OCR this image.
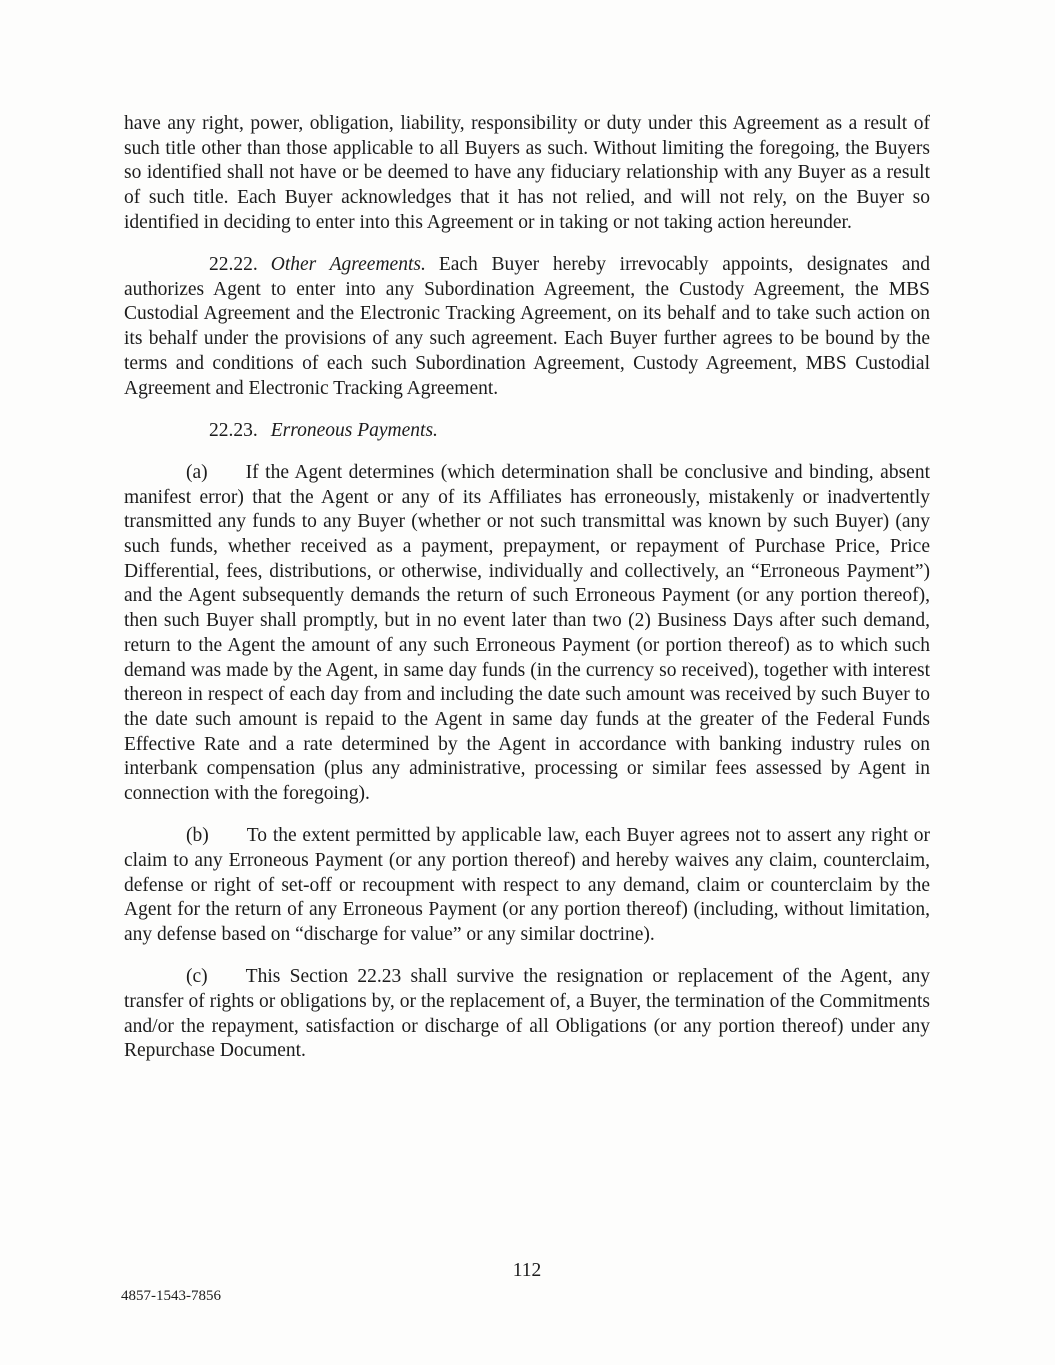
have any right, power, obligation, liability, responsibility or duty under this Agreement as a result of such title other than those applicable to all Buyers as such. Without limiting the foregoing, the Buyers so identified shall not have or be deemed to have any fiduciary relationship with any Buyer as a result of such title. Each Buyer acknowledges that it has not relied, and will not rely, on the Buyer so identified in deciding to enter into this Agreement or in taking or not taking action hereunder.

22.22. Other Agreements. Each Buyer hereby irrevocably appoints, designates and authorizes Agent to enter into any Subordination Agreement, the Custody Agreement, the MBS Custodial Agreement and the Electronic Tracking Agreement, on its behalf and to take such action on its behalf under the provisions of any such agreement. Each Buyer further agrees to be bound by the terms and conditions of each such Subordination Agreement, Custody Agreement, MBS Custodial Agreement and Electronic Tracking Agreement.

22.23. Erroneous Payments.

(a) If the Agent determines (which determination shall be conclusive and binding, absent manifest error) that the Agent or any of its Affiliates has erroneously, mistakenly or inadvertently transmitted any funds to any Buyer (whether or not such transmittal was known by such Buyer) (any such funds, whether received as a payment, prepayment, or repayment of Purchase Price, Price Differential, fees, distributions, or otherwise, individually and collectively, an “Erroneous Payment”) and the Agent subsequently demands the return of such Erroneous Payment (or any portion thereof), then such Buyer shall promptly, but in no event later than two (2) Business Days after such demand, return to the Agent the amount of any such Erroneous Payment (or portion thereof) as to which such demand was made by the Agent, in same day funds (in the currency so received), together with interest thereon in respect of each day from and including the date such amount was received by such Buyer to the date such amount is repaid to the Agent in same day funds at the greater of the Federal Funds Effective Rate and a rate determined by the Agent in accordance with banking industry rules on interbank compensation (plus any administrative, processing or similar fees assessed by Agent in connection with the foregoing).

(b) To the extent permitted by applicable law, each Buyer agrees not to assert any right or claim to any Erroneous Payment (or any portion thereof) and hereby waives any claim, counterclaim, defense or right of set-off or recoupment with respect to any demand, claim or counterclaim by the Agent for the return of any Erroneous Payment (or any portion thereof) (including, without limitation, any defense based on “discharge for value” or any similar doctrine).

(c) This Section 22.23 shall survive the resignation or replacement of the Agent, any transfer of rights or obligations by, or the replacement of, a Buyer, the termination of the Commitments and/or the repayment, satisfaction or discharge of all Obligations (or any portion thereof) under any Repurchase Document.

112
4857-1543-7856
